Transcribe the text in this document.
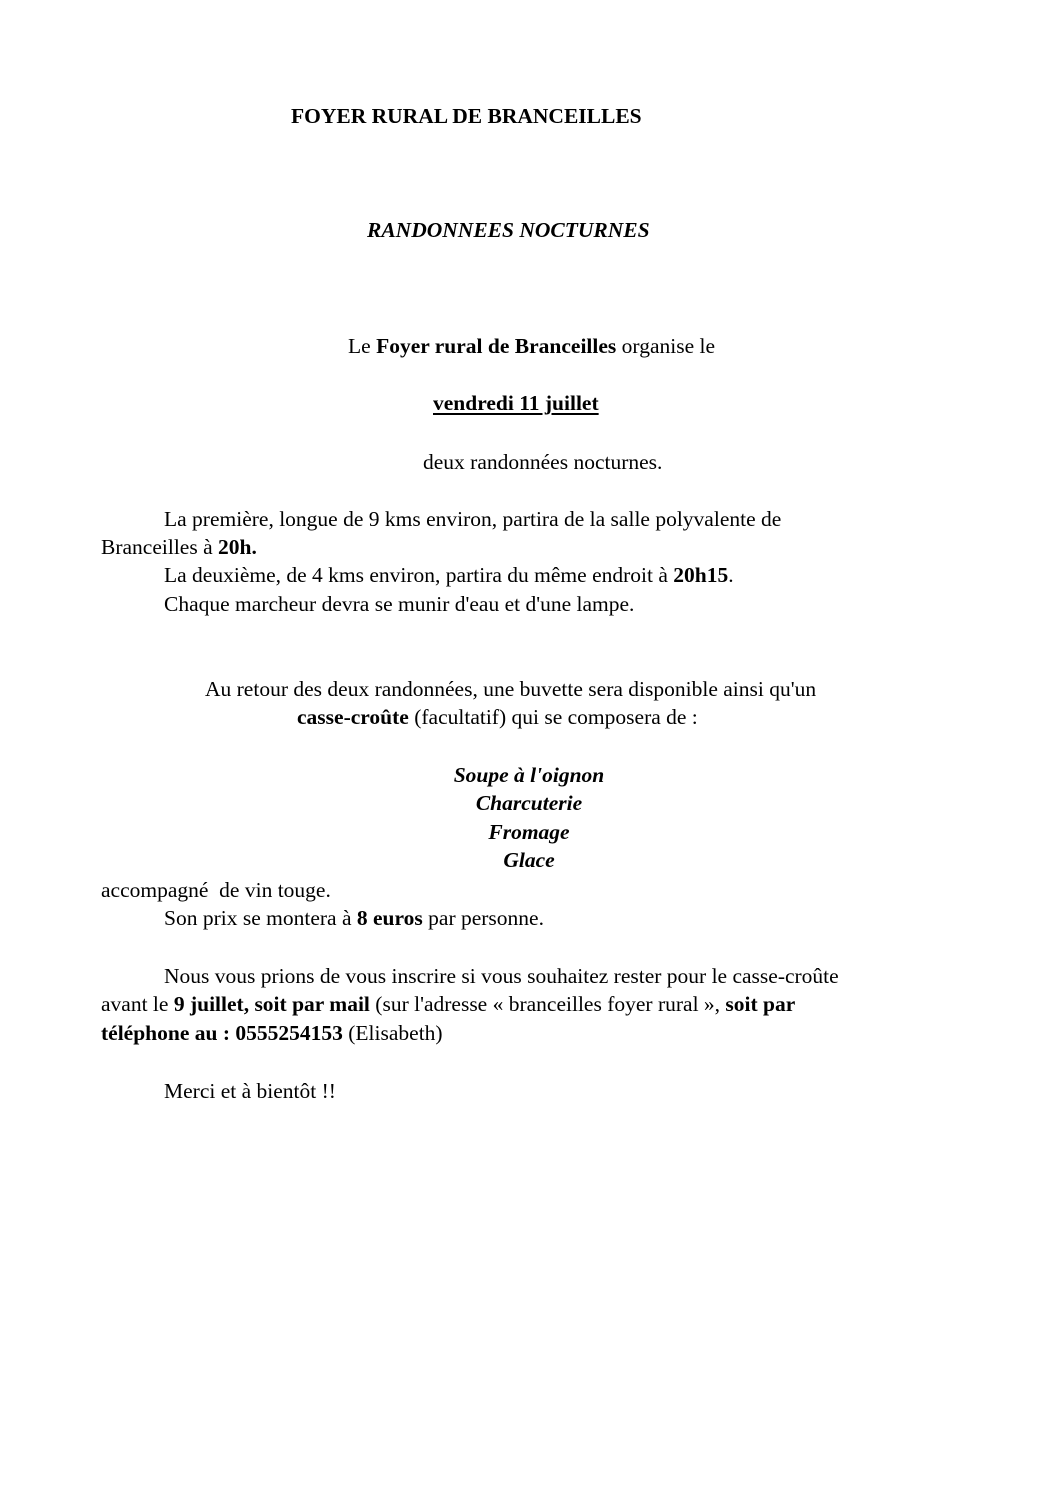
FOYER RURAL DE BRANCEILLES
RANDONNEES NOCTURNES
Le Foyer rural de Branceilles organise le
vendredi 11 juillet
deux randonnées nocturnes.
La première, longue de 9 kms environ, partira de la salle polyvalente de
Branceilles à 20h.
La deuxième, de 4 kms environ, partira du même endroit à 20h15.
Chaque marcheur devra se munir d'eau et d'une lampe.
Au retour des deux randonnées, une buvette sera disponible ainsi qu'un
casse-croûte (facultatif) qui se composera de :
Soupe à l'oignon
Charcuterie
Fromage
Glace
accompagné  de vin touge.
Son prix se montera à 8 euros par personne.
Nous vous prions de vous inscrire si vous souhaitez rester pour le casse-croûte
avant le 9 juillet, soit par mail (sur l'adresse « branceilles foyer rural », soit par
téléphone au : 0555254153 (Elisabeth)
Merci et à bientôt !!
